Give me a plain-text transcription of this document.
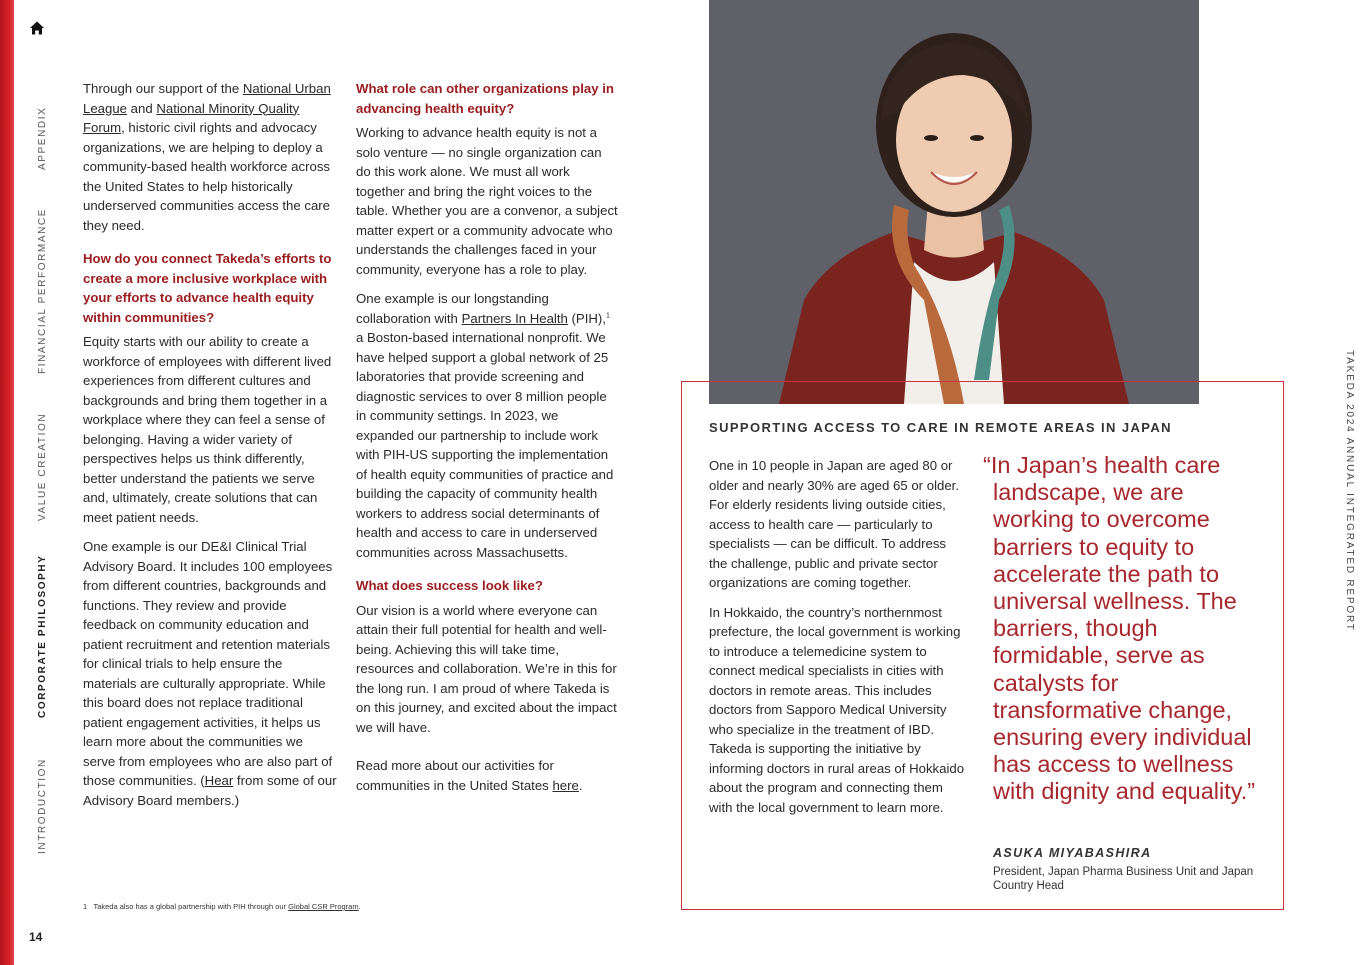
APPENDIX
FINANCIAL PERFORMANCE
VALUE CREATION
CORPORATE PHILOSOPHY
INTRODUCTION
14

Through our support of the National Urban League and National Minority Quality Forum, historic civil rights and advocacy organizations, we are helping to deploy a community-based health workforce across the United States to help historically underserved communities access the care they need.

How do you connect Takeda’s efforts to create a more inclusive workplace with your efforts to advance health equity within communities?

Equity starts with our ability to create a workforce of employees with different lived experiences from different cultures and backgrounds and bring them together in a workplace where they can feel a sense of belonging. Having a wider variety of perspectives helps us think differently, better understand the patients we serve and, ultimately, create solutions that can meet patient needs.

One example is our DE&I Clinical Trial Advisory Board. It includes 100 employees from different countries, backgrounds and functions. They review and provide feedback on community education and patient recruitment and retention materials for clinical trials to help ensure the materials are culturally appropriate. While this board does not replace traditional patient engagement activities, it helps us learn more about the communities we serve from employees who are also part of those communities. (Hear from some of our Advisory Board members.)

What role can other organizations play in advancing health equity?

Working to advance health equity is not a solo venture — no single organization can do this work alone. We must all work together and bring the right voices to the table. Whether you are a convenor, a subject matter expert or a community advocate who understands the challenges faced in your community, everyone has a role to play.

One example is our longstanding collaboration with Partners In Health (PIH),$^1$ a Boston-based international nonprofit. We have helped support a global network of 25 laboratories that provide screening and diagnostic services to over 8 million people in community settings. In 2023, we expanded our partnership to include work with PIH-US supporting the implementation of health equity communities of practice and building the capacity of community health workers to address social determinants of health and access to care in underserved communities across Massachusetts.

What does success look like?

Our vision is a world where everyone can attain their full potential for health and well-being. Achieving this will take time, resources and collaboration. We’re in this for the long run. I am proud of where Takeda is on this journey, and excited about the impact we will have.

Read more about our activities for communities in the United States here.

1 Takeda also has a global partnership with PIH through our Global CSR Program.
SUPPORTING ACCESS TO CARE IN REMOTE AREAS IN JAPAN

One in 10 people in Japan are aged 80 or older and nearly 30% are aged 65 or older. For elderly residents living outside cities, access to health care — particularly to specialists — can be difficult. To address the challenge, public and private sector organizations are coming together.

In Hokkaido, the country’s northernmost prefecture, the local government is working to introduce a telemedicine system to connect medical specialists in cities with doctors in remote areas. This includes doctors from Sapporo Medical University who specialize in the treatment of IBD. Takeda is supporting the initiative by informing doctors in rural areas of Hokkaido about the program and connecting them with the local government to learn more.

“In Japan’s health care landscape, we are working to overcome barriers to equity to accelerate the path to universal wellness. The barriers, though formidable, serve as catalysts for transformative change, ensuring every individual has access to wellness with dignity and equality.”
ASUKA MIYABASHIRA
President, Japan Pharma Business Unit and Japan Country Head
TAKEDA 2024 ANNUAL INTEGRATED REPORT
